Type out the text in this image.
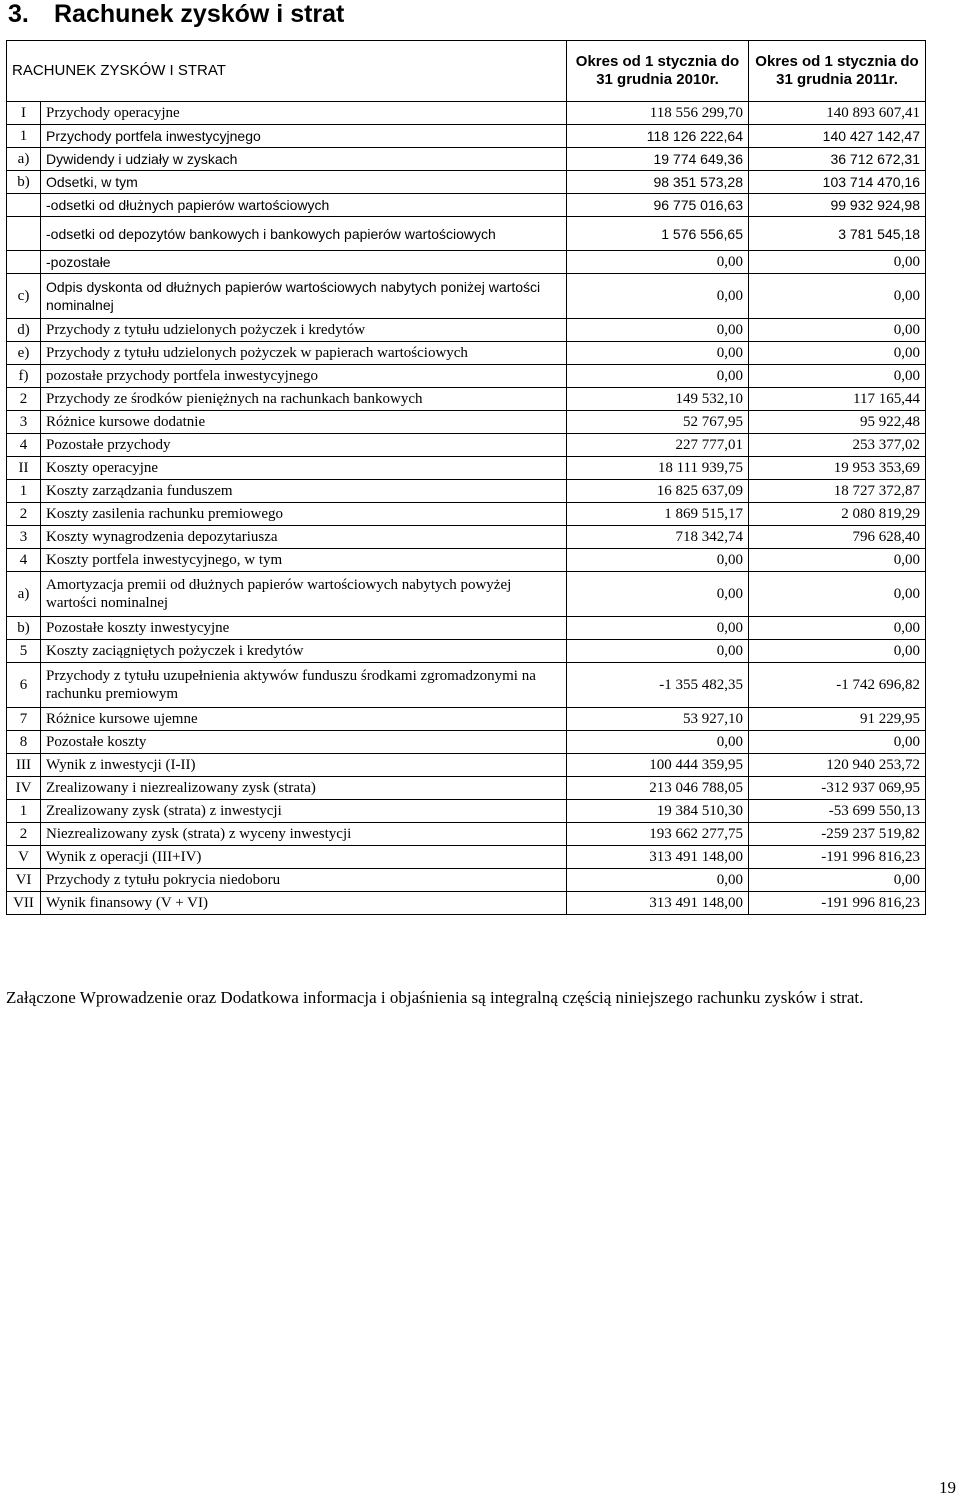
3. Rachunek zysków i strat
RACHUNEK ZYSKÓW I STRAT		Okres od 1 stycznia do 31 grudnia 2010r.	Okres od 1 stycznia do 31 grudnia 2011r.
I	Przychody operacyjne	118 556 299,70	140 893 607,41
1	Przychody portfela inwestycyjnego	118 126 222,64	140 427 142,47
a)	Dywidendy i udziały w zyskach	19 774 649,36	36 712 672,31
b)	Odsetki, w tym	98 351 573,28	103 714 470,16
	-odsetki od dłużnych papierów wartościowych	96 775 016,63	99 932 924,98
	-odsetki od depozytów bankowych i bankowych papierów wartościowych	1 576 556,65	3 781 545,18
	-pozostałe	0,00	0,00
c)	Odpis dyskonta od dłużnych papierów wartościowych nabytych poniżej wartości nominalnej	0,00	0,00
d)	Przychody z tytułu udzielonych pożyczek i kredytów	0,00	0,00
e)	Przychody z tytułu udzielonych pożyczek w papierach wartościowych	0,00	0,00
f)	pozostałe przychody portfela inwestycyjnego	0,00	0,00
2	Przychody ze środków pieniężnych na rachunkach bankowych	149 532,10	117 165,44
3	Różnice kursowe dodatnie	52 767,95	95 922,48
4	Pozostałe przychody	227 777,01	253 377,02
II	Koszty operacyjne	18 111 939,75	19 953 353,69
1	Koszty zarządzania funduszem	16 825 637,09	18 727 372,87
2	Koszty zasilenia rachunku premiowego	1 869 515,17	2 080 819,29
3	Koszty wynagrodzenia depozytariusza	718 342,74	796 628,40
4	Koszty portfela inwestycyjnego, w tym	0,00	0,00
a)	Amortyzacja premii od dłużnych papierów wartościowych nabytych powyżej wartości nominalnej	0,00	0,00
b)	Pozostałe koszty inwestycyjne	0,00	0,00
5	Koszty zaciągniętych pożyczek i kredytów	0,00	0,00
6	Przychody z tytułu uzupełnienia aktywów funduszu środkami zgromadzonymi na rachunku premiowym	-1 355 482,35	-1 742 696,82
7	Różnice kursowe ujemne	53 927,10	91 229,95
8	Pozostałe koszty	0,00	0,00
III	Wynik z inwestycji (I-II)	100 444 359,95	120 940 253,72
IV	Zrealizowany i niezrealizowany zysk (strata)	213 046 788,05	-312 937 069,95
1	Zrealizowany zysk (strata) z inwestycji	19 384 510,30	-53 699 550,13
2	Niezrealizowany zysk (strata) z wyceny inwestycji	193 662 277,75	-259 237 519,82
V	Wynik z operacji (III+IV)	313 491 148,00	-191 996 816,23
VI	Przychody z tytułu pokrycia niedoboru	0,00	0,00
VII	Wynik finansowy (V + VI)	313 491 148,00	-191 996 816,23
Załączone Wprowadzenie oraz Dodatkowa informacja i objaśnienia są integralną częścią niniejszego rachunku zysków i strat.
19
